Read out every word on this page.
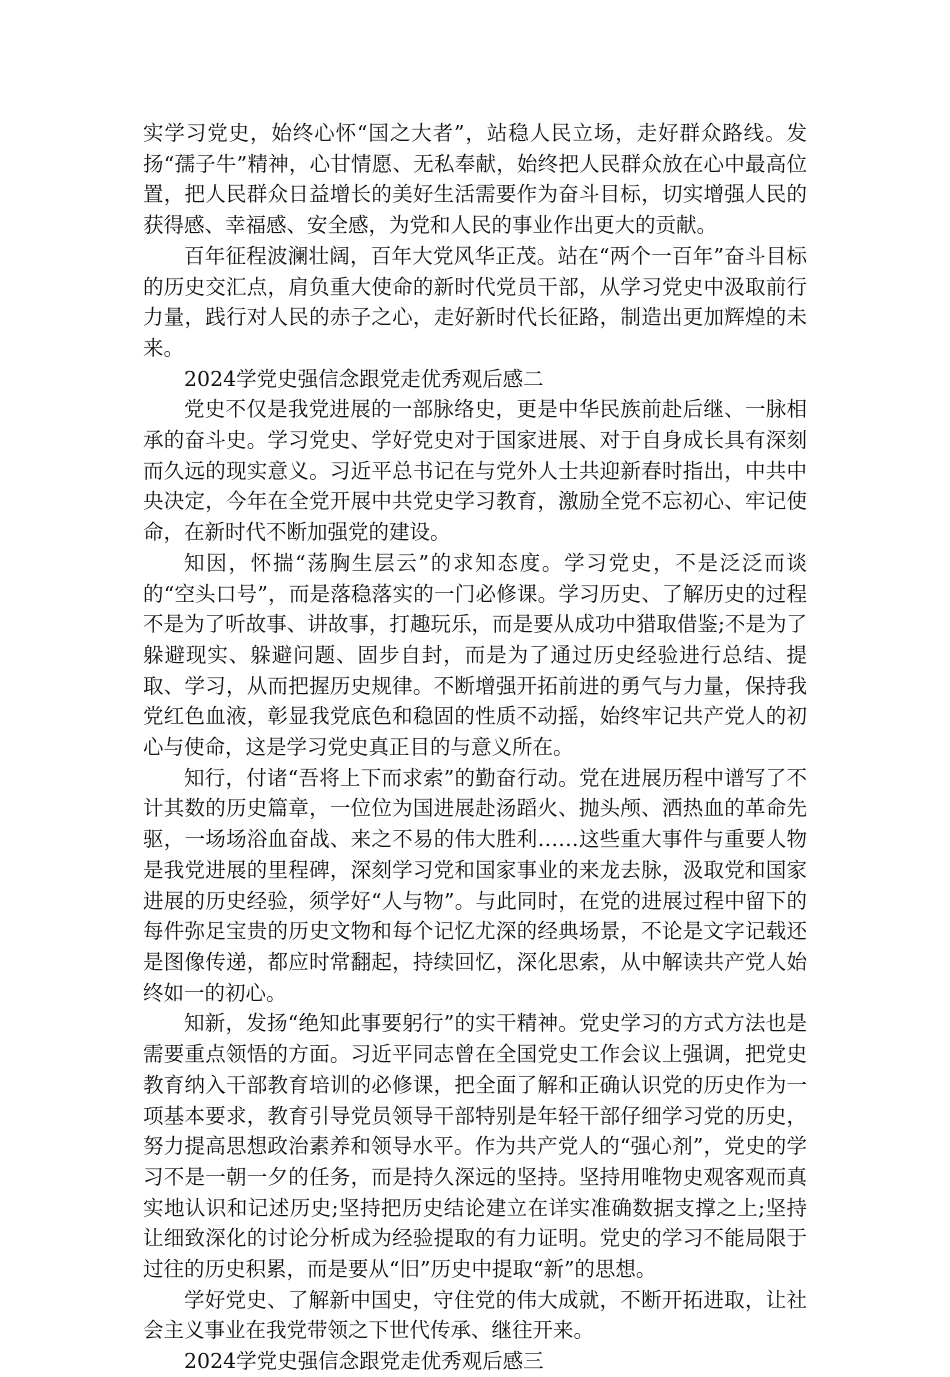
实学习党史，始终心怀“国之大者”，站稳人民立场，走好群众路线。发扬“孺子牛”精神，心甘情愿、无私奉献，始终把人民群众放在心中最高位置，把人民群众日益增长的美好生活需要作为奋斗目标，切实增强人民的获得感、幸福感、安全感，为党和人民的事业作出更大的贡献。

百年征程波澜壮阔，百年大党风华正茂。站在“两个一百年”奋斗目标的历史交汇点，肩负重大使命的新时代党员干部，从学习党史中汲取前行力量，践行对人民的赤子之心，走好新时代长征路，制造出更加辉煌的未来。

2024学党史强信念跟党走优秀观后感二

党史不仅是我党进展的一部脉络史，更是中华民族前赴后继、一脉相承的奋斗史。学习党史、学好党史对于国家进展、对于自身成长具有深刻而久远的现实意义。习近平总书记在与党外人士共迎新春时指出，中共中央决定，今年在全党开展中共党史学习教育，激励全党不忘初心、牢记使命，在新时代不断加强党的建设。

知因，怀揣“荡胸生层云”的求知态度。学习党史，不是泛泛而谈的“空头口号”，而是落稳落实的一门必修课。学习历史、了解历史的过程不是为了听故事、讲故事，打趣玩乐，而是要从成功中猎取借鉴;不是为了躲避现实、躲避问题、固步自封，而是为了通过历史经验进行总结、提取、学习，从而把握历史规律。不断增强开拓前进的勇气与力量，保持我党红色血液，彰显我党底色和稳固的性质不动摇，始终牢记共产党人的初心与使命，这是学习党史真正目的与意义所在。

知行，付诸“吾将上下而求索”的勤奋行动。党在进展历程中谱写了不计其数的历史篇章，一位位为国进展赴汤蹈火、抛头颅、洒热血的革命先驱，一场场浴血奋战、来之不易的伟大胜利……这些重大事件与重要人物是我党进展的里程碑，深刻学习党和国家事业的来龙去脉，汲取党和国家进展的历史经验，须学好“人与物”。与此同时，在党的进展过程中留下的每件弥足宝贵的历史文物和每个记忆尤深的经典场景，不论是文字记载还是图像传递，都应时常翻起，持续回忆，深化思索，从中解读共产党人始终如一的初心。

知新，发扬“绝知此事要躬行”的实干精神。党史学习的方式方法也是需要重点领悟的方面。习近平同志曾在全国党史工作会议上强调，把党史教育纳入干部教育培训的必修课，把全面了解和正确认识党的历史作为一项基本要求，教育引导党员领导干部特别是年轻干部仔细学习党的历史，努力提高思想政治素养和领导水平。作为共产党人的“强心剂”，党史的学习不是一朝一夕的任务，而是持久深远的坚持。坚持用唯物史观客观而真实地认识和记述历史;坚持把历史结论建立在详实准确数据支撑之上;坚持让细致深化的讨论分析成为经验提取的有力证明。党史的学习不能局限于过往的历史积累，而是要从“旧”历史中提取“新”的思想。

学好党史、了解新中国史，守住党的伟大成就，不断开拓进取，让社会主义事业在我党带领之下世代传承、继往开来。

2024学党史强信念跟党走优秀观后感三
